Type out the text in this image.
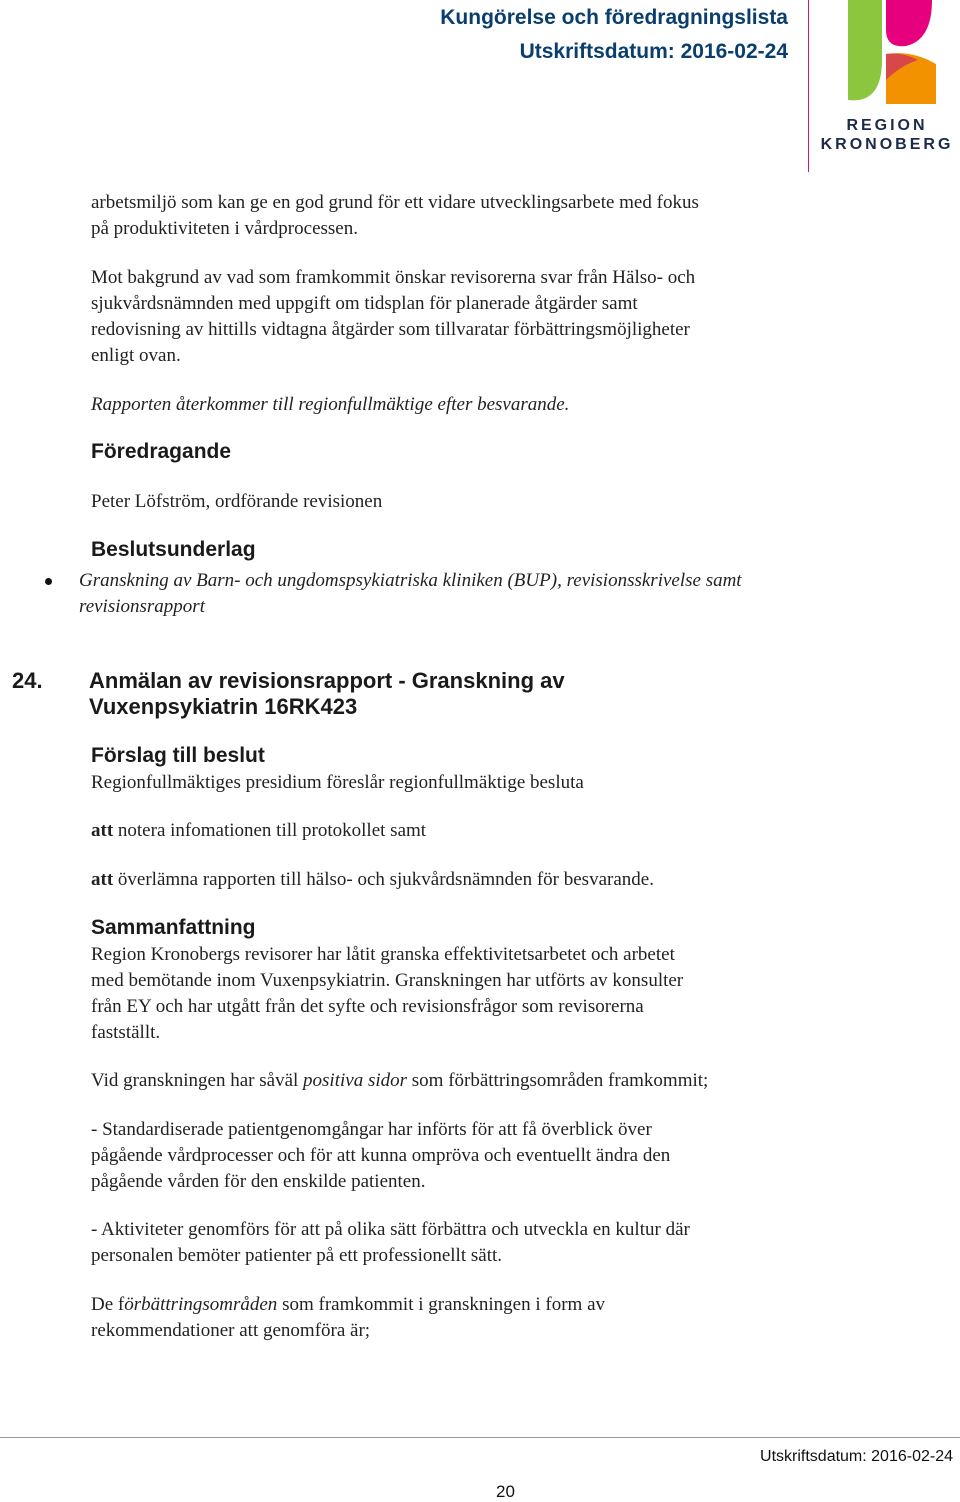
Kungörelse och föredragningslista
Utskriftsdatum: 2016-02-24
REGION
KRONOBERG
arbetsmiljö som kan ge en god grund för ett vidare utvecklingsarbete med fokus
på produktiviteten i vårdprocessen.
Mot bakgrund av vad som framkommit önskar revisorerna svar från Hälso- och
sjukvårdsnämnden med uppgift om tidsplan för planerade åtgärder samt
redovisning av hittills vidtagna åtgärder som tillvaratar förbättringsmöjligheter
enligt ovan.
Rapporten återkommer till regionfullmäktige efter besvarande.
Föredragande
Peter Löfström, ordförande revisionen
Beslutsunderlag
Granskning av Barn- och ungdomspsykiatriska kliniken (BUP), revisionsskrivelse samt
revisionsrapport
24. Anmälan av revisionsrapport - Granskning av
Vuxenpsykiatrin 16RK423
Förslag till beslut
Regionfullmäktiges presidium föreslår regionfullmäktige besluta
att notera infomationen till protokollet samt
att överlämna rapporten till hälso- och sjukvårdsnämnden för besvarande.
Sammanfattning
Region Kronobergs revisorer har låtit granska effektivitetsarbetet och arbetet
med bemötande inom Vuxenpsykiatrin. Granskningen har utförts av konsulter
från EY och har utgått från det syfte och revisionsfrågor som revisorerna
fastställt.
Vid granskningen har såväl positiva sidor som förbättringsområden framkommit;
- Standardiserade patientgenomgångar har införts för att få överblick över
pågående vårdprocesser och för att kunna ompröva och eventuellt ändra den
pågående vården för den enskilde patienten.
- Aktiviteter genomförs för att på olika sätt förbättra och utveckla en kultur där
personalen bemöter patienter på ett professionellt sätt.
De förbättringsområden som framkommit i granskningen i form av
rekommendationer att genomföra är;
Utskriftsdatum: 2016-02-24
20
